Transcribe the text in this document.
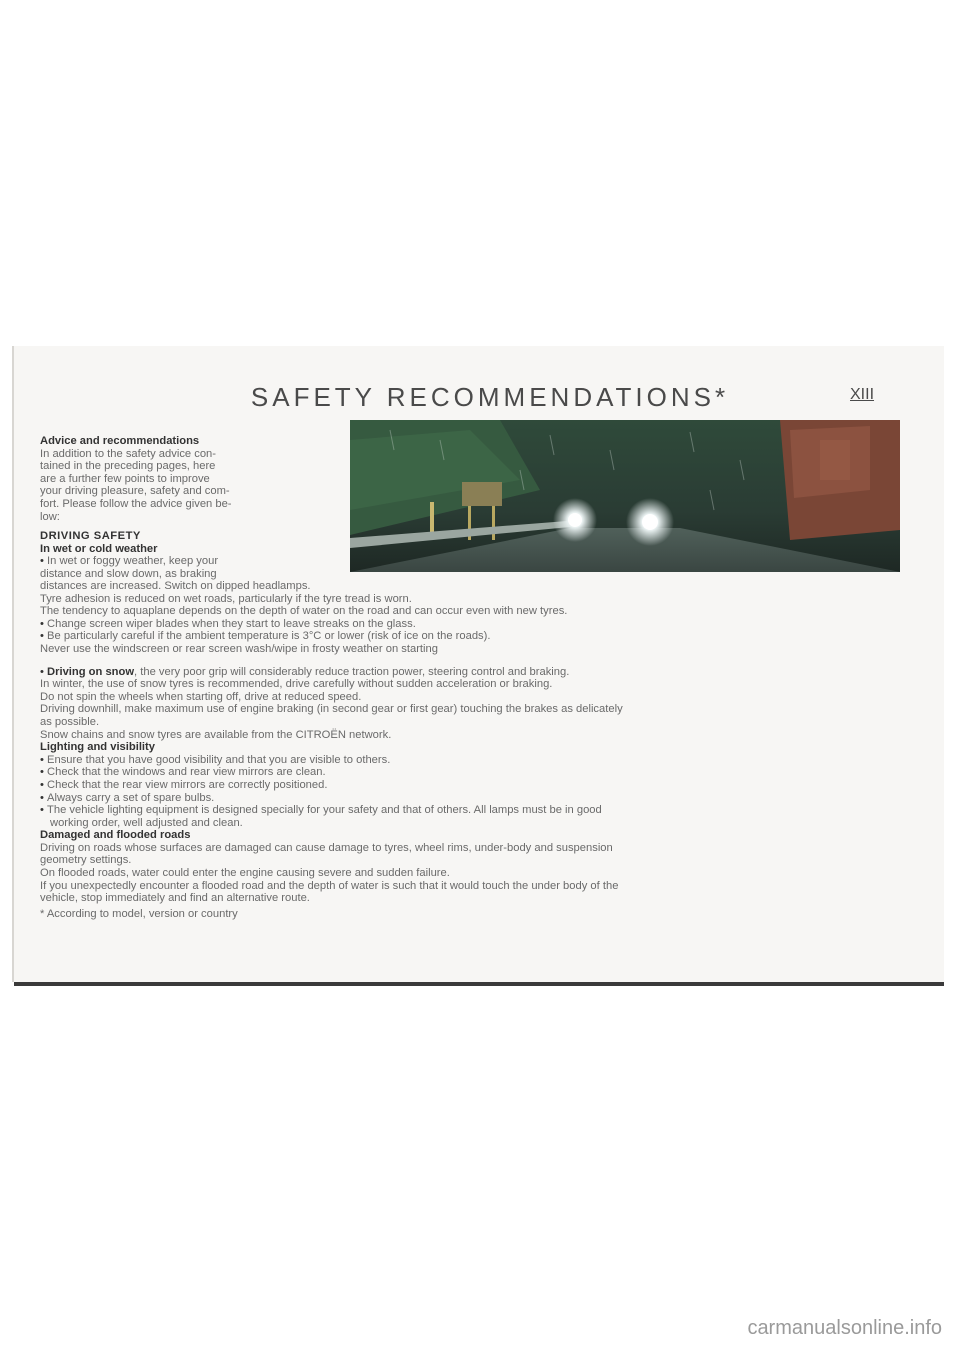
SAFETY RECOMMENDATIONS*	XIII
Advice and recommendations
In addition to the safety advice con-
tained in the preceding pages, here
are a further few points to improve
your driving pleasure, safety and com-
fort. Please follow the advice given be-
low:
DRIVING SAFETY
In wet or cold weather
• In wet or foggy weather, keep your
distance and slow down, as braking
distances are increased. Switch on dipped headlamps.
Tyre adhesion is reduced on wet roads, particularly if the tyre tread is worn.
The tendency to aquaplane depends on the depth of water on the road and can occur even with new tyres.
• Change screen wiper blades when they start to leave streaks on the glass.
• Be particularly careful if the ambient temperature is 3°C or lower (risk of ice on the roads).
Never use the windscreen or rear screen wash/wipe in frosty weather on starting
• Driving on snow, the very poor grip will considerably reduce traction power, steering control and braking.
In winter, the use of snow tyres is recommended, drive carefully without sudden acceleration or braking.
Do not spin the wheels when starting off, drive at reduced speed.
Driving downhill, make maximum use of engine braking (in second gear or first gear) touching the brakes as delicately
as possible.
Snow chains and snow tyres are available from the CITROËN network.
Lighting and visibility
• Ensure that you have good visibility and that you are visible to others.
• Check that the windows and rear view mirrors are clean.
• Check that the rear view mirrors are correctly positioned.
• Always carry a set of spare bulbs.
• The vehicle lighting equipment is designed specially for your safety and that of others. All lamps must be in good
working order, well adjusted and clean.
Damaged and flooded roads
Driving on roads whose surfaces are damaged can cause damage to tyres, wheel rims, under-body and suspension
geometry settings.
On flooded roads, water could enter the engine causing severe and sudden failure.
If you unexpectedly encounter a flooded road and the depth of water is such that it would touch the under body of the
vehicle, stop immediately and find an alternative route.
* According to model, version or country
carmanualsonline.info
